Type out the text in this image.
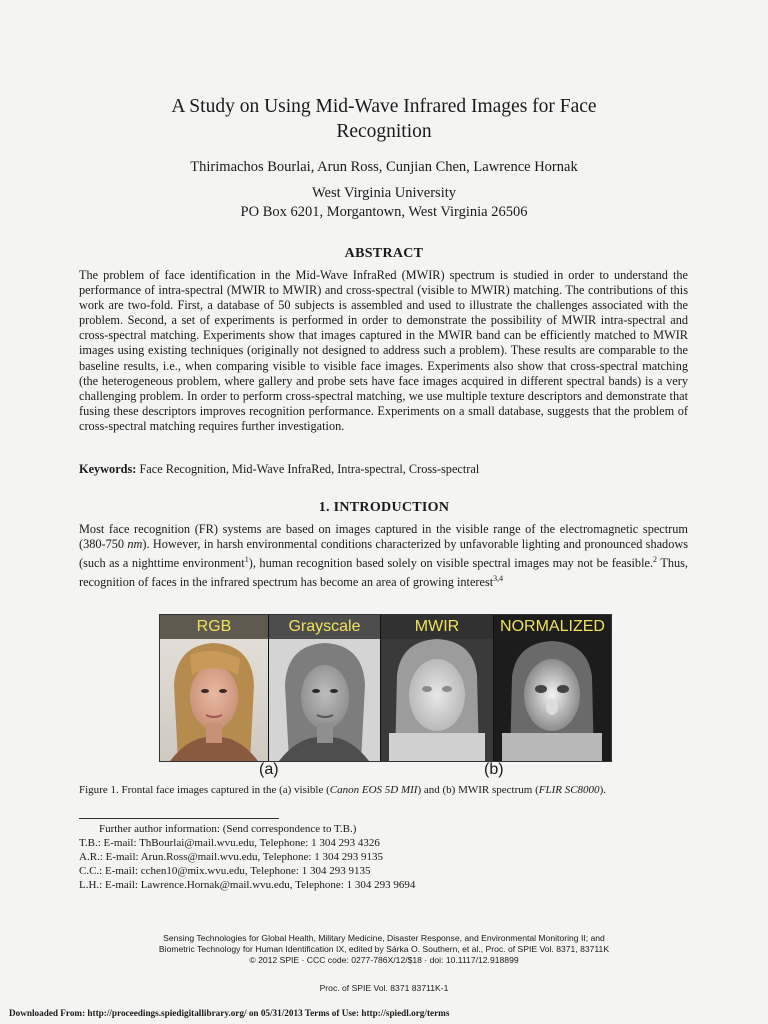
A Study on Using Mid-Wave Infrared Images for Face
Recognition
Thirimachos Bourlai, Arun Ross, Cunjian Chen, Lawrence Hornak
West Virginia University
PO Box 6201, Morgantown, West Virginia 26506
ABSTRACT

The problem of face identification in the Mid-Wave InfraRed (MWIR) spectrum is studied in order to understand the performance of intra-spectral (MWIR to MWIR) and cross-spectral (visible to MWIR) matching. The contributions of this work are two-fold. First, a database of 50 subjects is assembled and used to illustrate the challenges associated with the problem. Second, a set of experiments is performed in order to demonstrate the possibility of MWIR intra-spectral and cross-spectral matching. Experiments show that images captured in the MWIR band can be efficiently matched to MWIR images using existing techniques (originally not designed to address such a problem). These results are comparable to the baseline results, i.e., when comparing visible to visible face images. Experiments also show that cross-spectral matching (the heterogeneous problem, where gallery and probe sets have face images acquired in different spectral bands) is a very challenging problem. In order to perform cross-spectral matching, we use multiple texture descriptors and demonstrate that fusing these descriptors improves recognition performance. Experiments on a small database, suggests that the problem of cross-spectral matching requires further investigation.

Keywords: Face Recognition, Mid-Wave InfraRed, Intra-spectral, Cross-spectral
1. INTRODUCTION

Most face recognition (FR) systems are based on images captured in the visible range of the electromagnetic spectrum (380-750 nm). However, in harsh environmental conditions characterized by unfavorable lighting and pronounced shadows (such as a nighttime environment$^1$), human recognition based solely on visible spectral images may not be feasible.$^2$ Thus, recognition of faces in the infrared spectrum has become an area of growing interest$^{3,4}$

RGB	Grayscale	MWIR	NORMALIZED
(a)	(b)
Figure 1. Frontal face images captured in the (a) visible (Canon EOS 5D MII) and (b) MWIR spectrum (FLIR SC8000).
Further author information: (Send correspondence to T.B.)
T.B.: E-mail: ThBourlai@mail.wvu.edu, Telephone: 1 304 293 4326
A.R.: E-mail: Arun.Ross@mail.wvu.edu, Telephone: 1 304 293 9135
C.C.: E-mail: cchen10@mix.wvu.edu, Telephone: 1 304 293 9135
L.H.: E-mail: Lawrence.Hornak@mail.wvu.edu, Telephone: 1 304 293 9694
Sensing Technologies for Global Health, Military Medicine, Disaster Response, and Environmental Monitoring II; and
Biometric Technology for Human Identification IX, edited by Sárka O. Southern, et al., Proc. of SPIE Vol. 8371, 83711K
© 2012 SPIE · CCC code: 0277-786X/12/$18 · doi: 10.1117/12.918899
Proc. of SPIE Vol. 8371 83711K-1
Downloaded From: http://proceedings.spiedigitallibrary.org/ on 05/31/2013 Terms of Use: http://spiedl.org/terms
